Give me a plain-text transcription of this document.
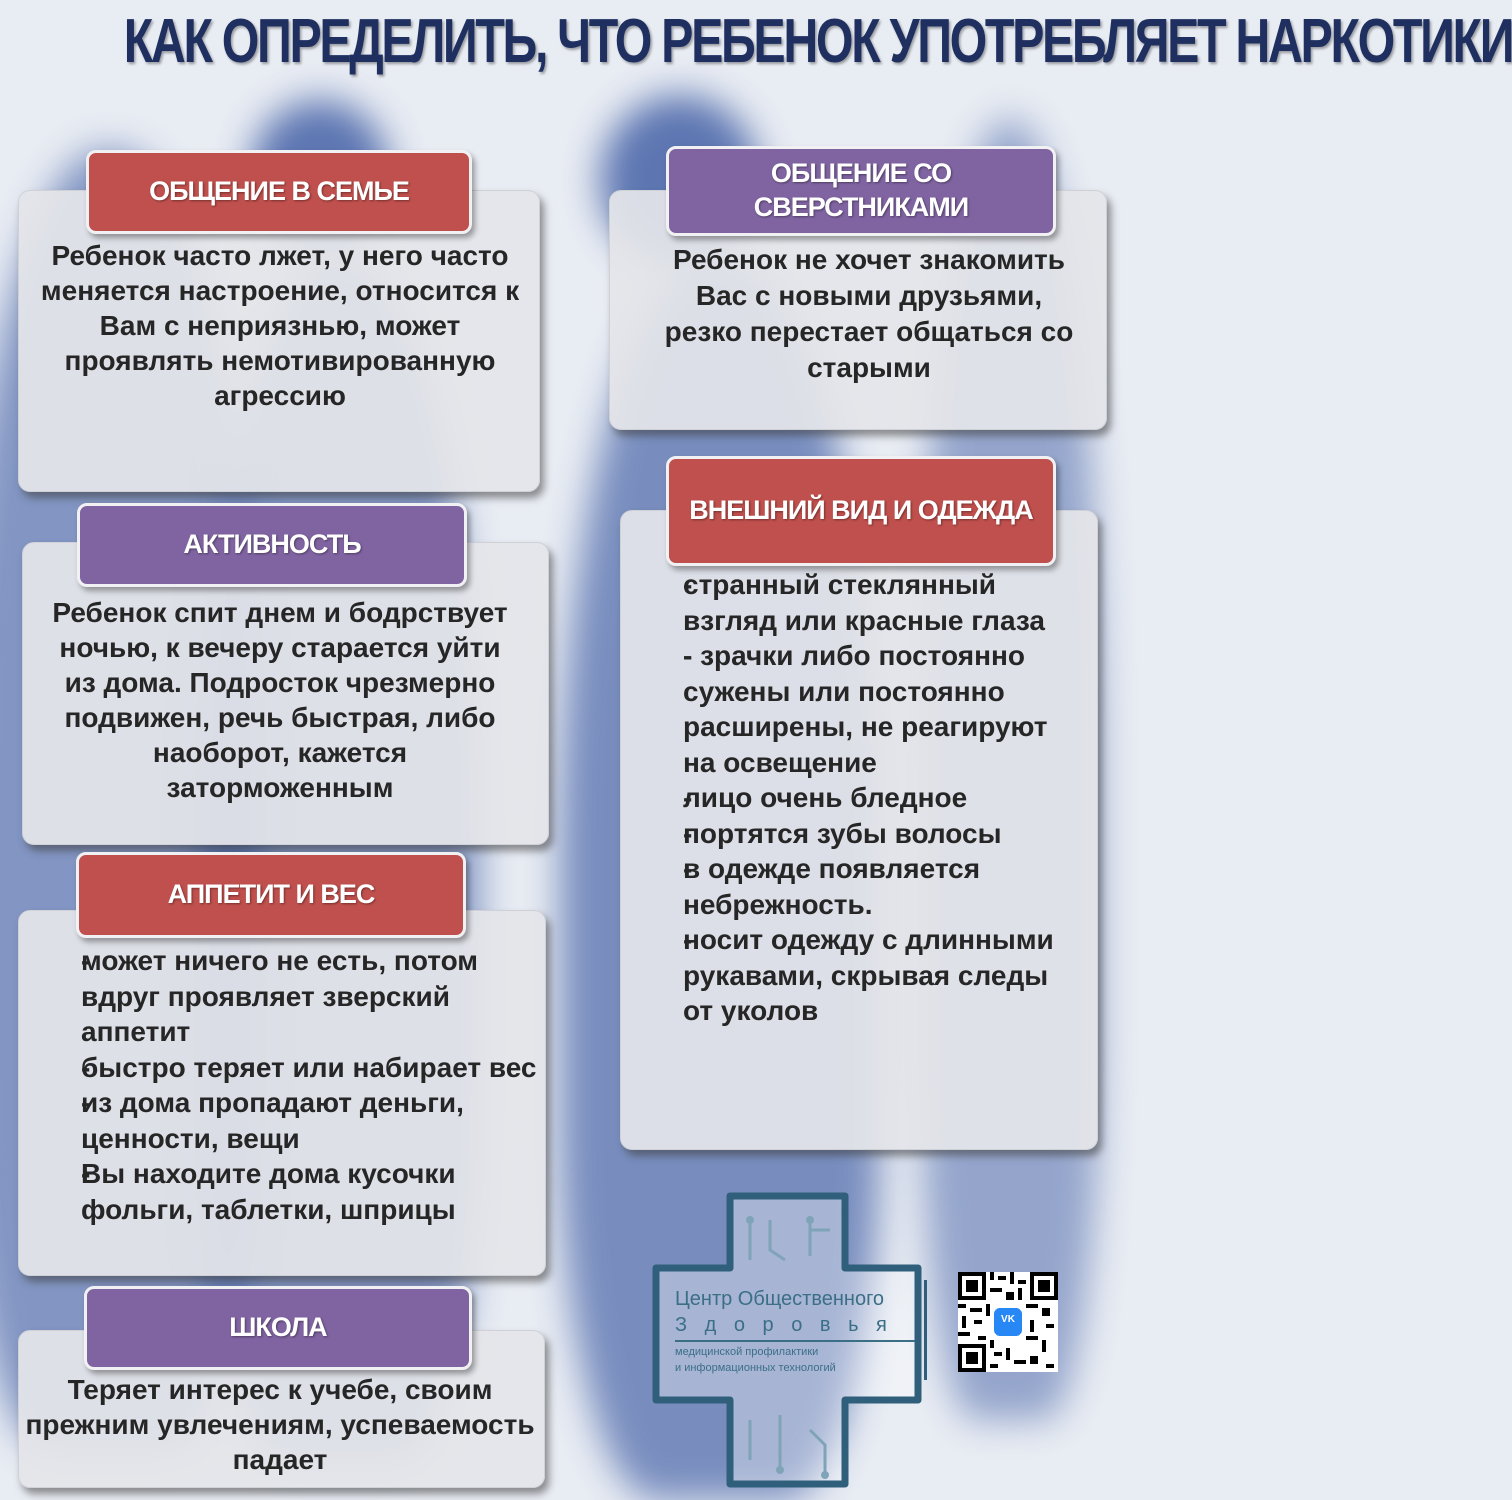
КАК ОПРЕДЕЛИТЬ, ЧТО РЕБЕНОК УПОТРЕБЛЯЕТ НАРКОТИКИ
ОБЩЕНИЕ В СЕМЬЕ
Ребенок часто лжет, у него часто меняется настроение, относится к Вам с неприязнью, может проявлять немотивированную агрессию
ОБЩЕНИЕ СО СВЕРСТНИКАМИ
Ребенок не хочет знакомить Вас с новыми друзьями, резко перестает общаться со старыми
АКТИВНОСТЬ
Ребенок спит днем и бодрствует ночью, к вечеру старается уйти из дома. Подросток чрезмерно подвижен, речь быстрая, либо наоборот, кажется заторможенным
ВНЕШНИЙ ВИД И ОДЕЖДА
- странный стеклянный взгляд или красные глаза
- - зрачки либо постоянно сужены или постоянно расширены, не реагируют на освещение
- лицо очень бледное
- портятся зубы волосы
- в одежде появляется небрежность.
- носит одежду с длинными рукавами, скрывая следы от уколов
АППЕТИТ И ВЕС
- может ничего не есть, потом вдруг проявляет зверский аппетит
- быстро теряет или набирает вес
- из дома пропадают деньги, ценности, вещи
- Вы находите дома кусочки фольги, таблетки, шприцы
ШКОЛА
Теряет интерес к учебе, своим прежним увлечениям, успеваемость падает
Центр Общественного
З д о р о в ь я
медицинской профилактики
и информационных технологий
VK
